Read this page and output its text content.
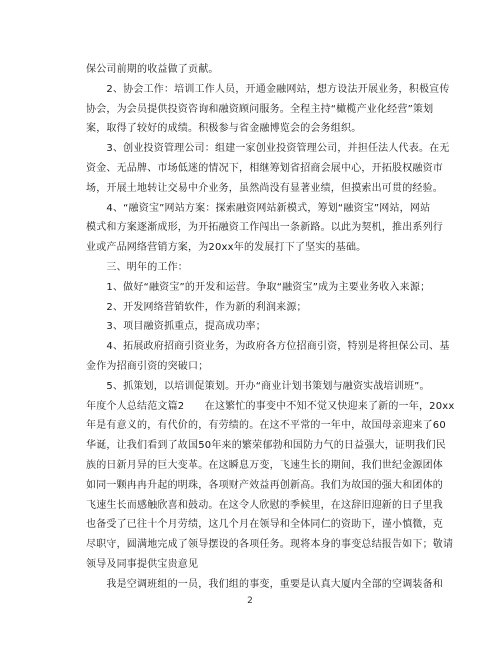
保公司前期的收益做了贡献。
　　2、协会工作：培训工作人员，开通金融网站，想方设法开展业务，积极宣传
协会，为会员提供投资咨询和融资顾问服务。全程主持“橄榄产业化经营”策划
案，取得了较好的成绩。积极参与省金融博览会的会务组织。
　　3、创业投资管理公司：组建一家创业投资管理公司，并担任法人代表。在无
资金、无品牌、市场低迷的情况下，相继筹划省招商会展中心，开拓股权融资市
场，开展土地转让交易中介业务，虽然尚没有显著业绩，但摸索出可贯的经验。
　　4、“融资宝”网站方案：探索融资网站新模式，筹划“融资宝”网站，网站
模式和方案逐渐成形，为开拓融资工作闯出一条新路。以此为契机，推出系列行
业或产品网络营销方案，为20xx年的发展打下了坚实的基础。
　　三、明年的工作：
　　1、做好“融资宝”的开发和运营。争取“融资宝”成为主要业务收入来源；
　　2、开发网络营销软件，作为新的利润来源；
　　3、项目融资抓重点，提高成功率；
　　4、拓展政府招商引资业务，为政府各方位招商引资，特别是将担保公司、基
金作为招商引资的突破口；
　　5、抓策划，以培训促策划。开办“商业计划书策划与融资实战培训班”。
年度个人总结范文篇2　　在这繁忙的事变中不知不觉又快迎来了新的一年，20xx
年是有意义的，有代价的，有劳绩的。在这不平常的一年中，故国母亲迎来了60
华诞，让我们看到了故国50年来的繁荣郁勃和国防力气的日益强大，证明我们民
族的日新月异的巨大变革。在这瞬息万变，飞速生长的期间，我们世纪金源团体
如同一颗冉冉升起的明珠，各项财产效益再创新高。我们为故国的强大和团体的
飞速生长而感触欣喜和鼓动。在这令人欣慰的季候里，在这辞旧迎新的日子里我
也备受了已往十个月劳绩，这几个月在领导和全体同仁的资助下，谨小慎微，克
尽职守，圆满地完成了领导摆设的各项任务。现将本身的事变总结报告如下；敬请
领导及同事提供宝贵意见
　　我是空调班组的一员，我们组的事变，重要是认真大厦内全部的空调装备和
2
